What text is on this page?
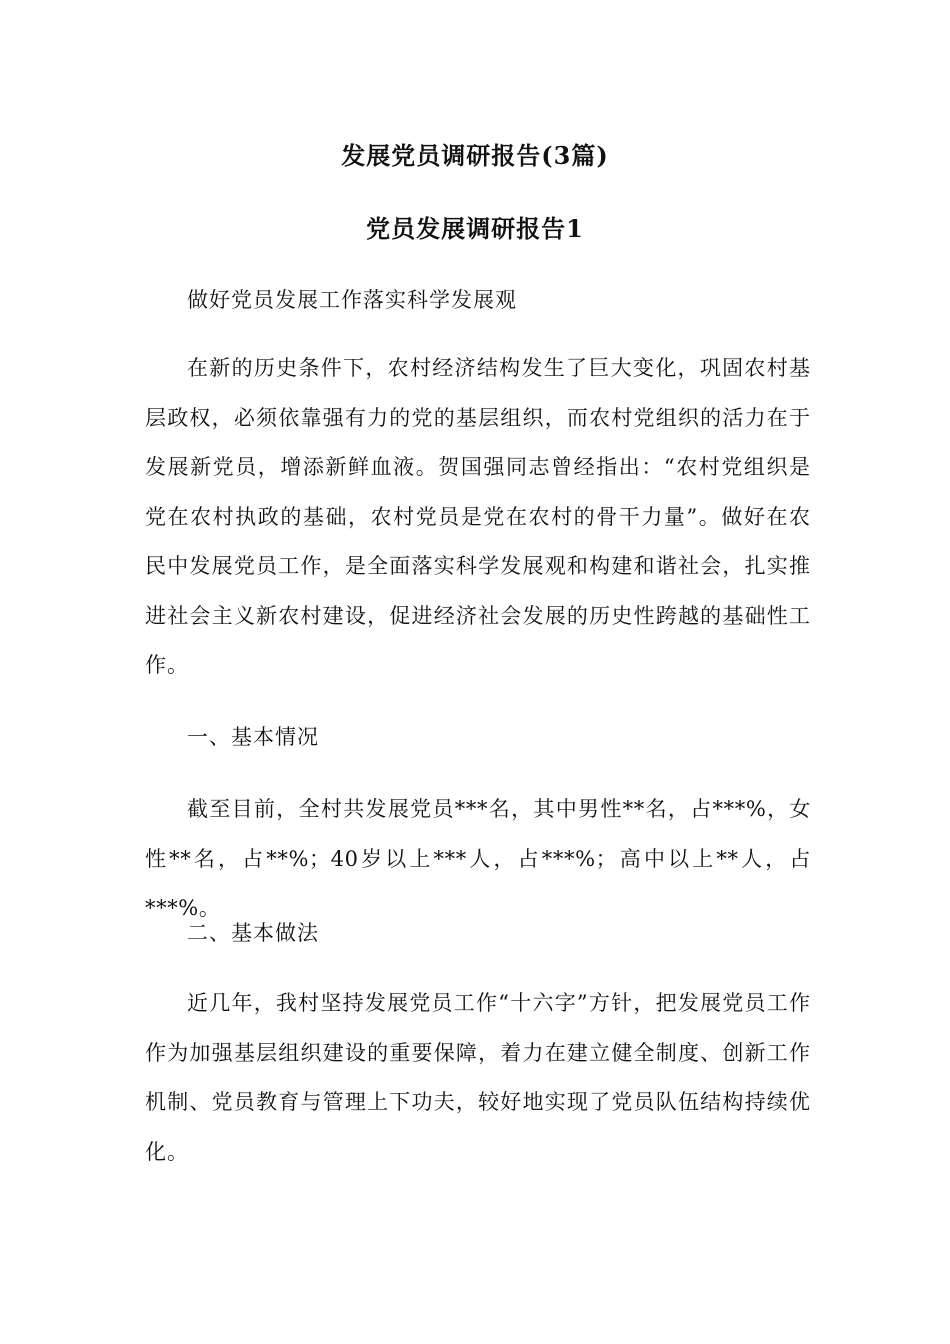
发展党员调研报告(3篇)
党员发展调研报告1

做好党员发展工作落实科学发展观

在新的历史条件下，农村经济结构发生了巨大变化，巩固农村基层政权，必须依靠强有力的党的基层组织，而农村党组织的活力在于发展新党员，增添新鲜血液。贺国强同志曾经指出：“农村党组织是党在农村执政的基础，农村党员是党在农村的骨干力量”。做好在农民中发展党员工作，是全面落实科学发展观和构建和谐社会，扎实推进社会主义新农村建设，促进经济社会发展的历史性跨越的基础性工作。

一、基本情况

截至目前，全村共发展党员***名，其中男性**名，占***%，女性**名，占**%；40岁以上***人，占***%；高中以上**人，占***%。

二、基本做法

近几年，我村坚持发展党员工作“十六字”方针，把发展党员工作作为加强基层组织建设的重要保障，着力在建立健全制度、创新工作机制、党员教育与管理上下功夫，较好地实现了党员队伍结构持续优化。
